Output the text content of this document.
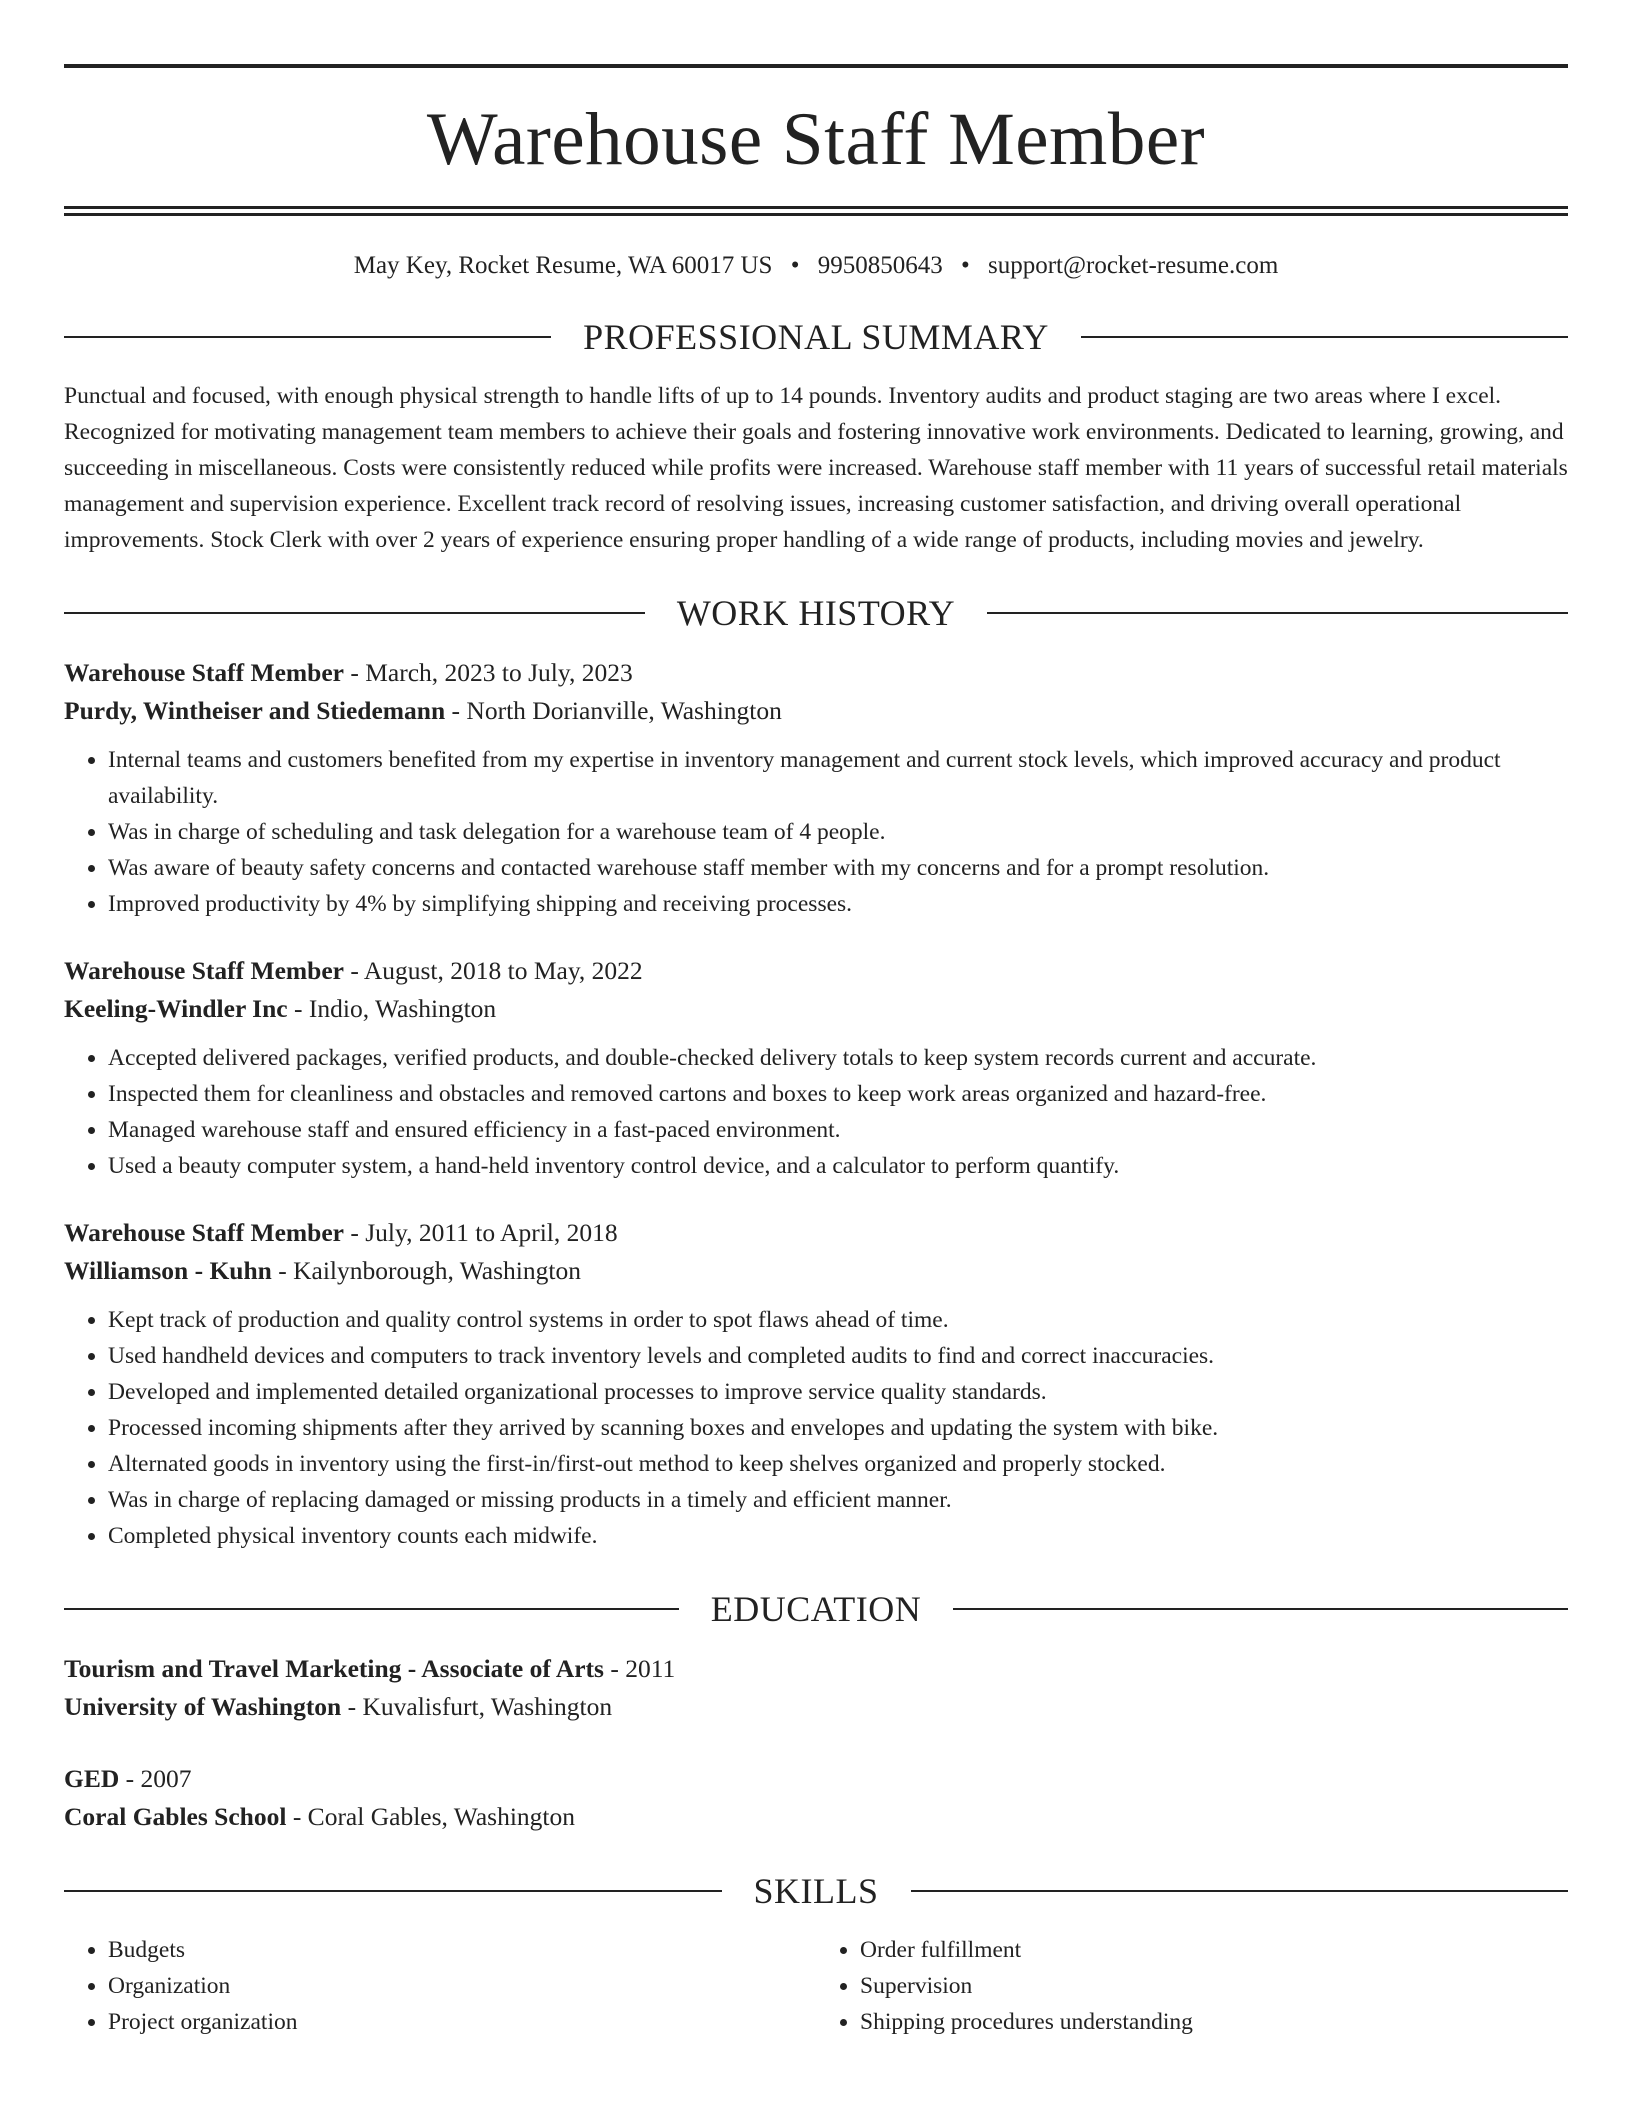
Warehouse Staff Member
May Key, Rocket Resume, WA 60017 US • 9950850643 • support@rocket-resume.com
PROFESSIONAL SUMMARY

Punctual and focused, with enough physical strength to handle lifts of up to 14 pounds. Inventory audits and product staging are two areas where I excel. Recognized for motivating management team members to achieve their goals and fostering innovative work environments. Dedicated to learning, growing, and succeeding in miscellaneous. Costs were consistently reduced while profits were increased. Warehouse staff member with 11 years of successful retail materials management and supervision experience. Excellent track record of resolving issues, increasing customer satisfaction, and driving overall operational improvements. Stock Clerk with over 2 years of experience ensuring proper handling of a wide range of products, including movies and jewelry.

WORK HISTORY
Warehouse Staff Member - March, 2023 to July, 2023
Purdy, Wintheiser and Stiedemann - North Dorianville, Washington
• Internal teams and customers benefited from my expertise in inventory management and current stock levels, which improved accuracy and product availability.
• Was in charge of scheduling and task delegation for a warehouse team of 4 people.
• Was aware of beauty safety concerns and contacted warehouse staff member with my concerns and for a prompt resolution.
• Improved productivity by 4% by simplifying shipping and receiving processes.
Warehouse Staff Member - August, 2018 to May, 2022
Keeling-Windler Inc - Indio, Washington
• Accepted delivered packages, verified products, and double-checked delivery totals to keep system records current and accurate.
• Inspected them for cleanliness and obstacles and removed cartons and boxes to keep work areas organized and hazard-free.
• Managed warehouse staff and ensured efficiency in a fast-paced environment.
• Used a beauty computer system, a hand-held inventory control device, and a calculator to perform quantify.
Warehouse Staff Member - July, 2011 to April, 2018
Williamson - Kuhn - Kailynborough, Washington
• Kept track of production and quality control systems in order to spot flaws ahead of time.
• Used handheld devices and computers to track inventory levels and completed audits to find and correct inaccuracies.
• Developed and implemented detailed organizational processes to improve service quality standards.
• Processed incoming shipments after they arrived by scanning boxes and envelopes and updating the system with bike.
• Alternated goods in inventory using the first-in/first-out method to keep shelves organized and properly stocked.
• Was in charge of replacing damaged or missing products in a timely and efficient manner.
• Completed physical inventory counts each midwife.
EDUCATION
Tourism and Travel Marketing - Associate of Arts - 2011
University of Washington - Kuvalisfurt, Washington
GED - 2007
Coral Gables School - Coral Gables, Washington
SKILLS
• Budgets
• Organization
• Project organization
• Order fulfillment
• Supervision
• Shipping procedures understanding
